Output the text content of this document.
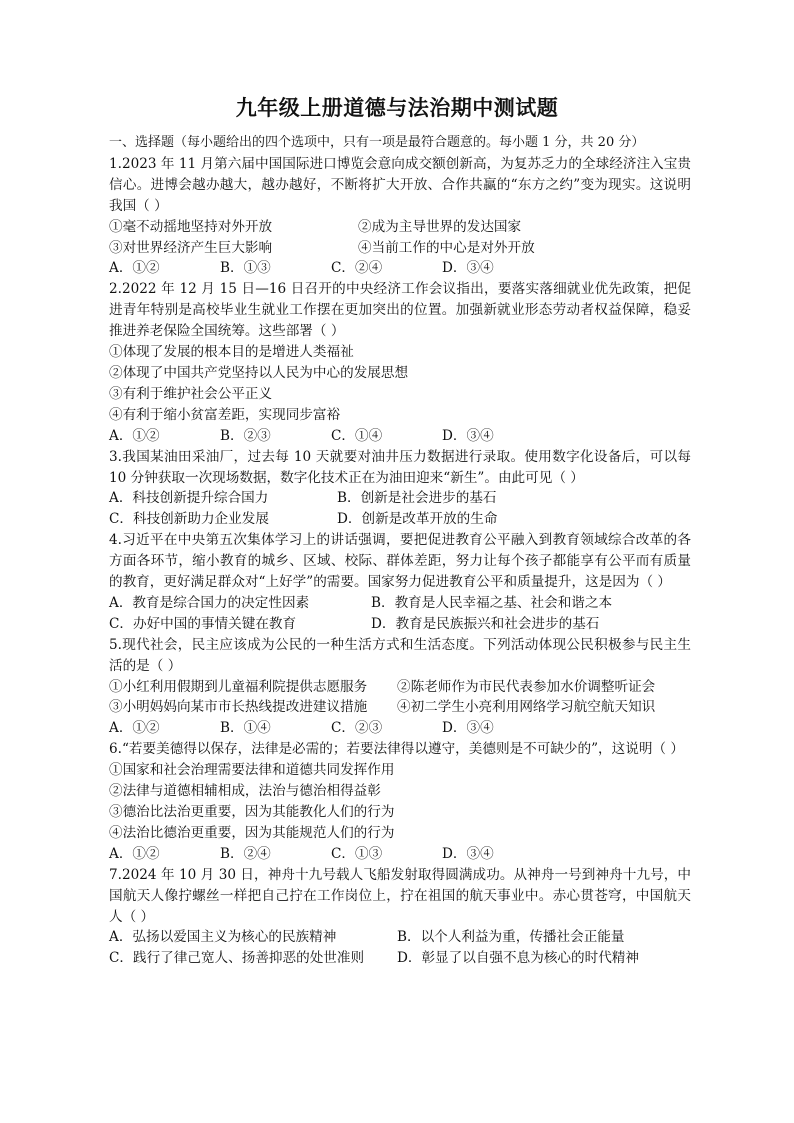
九年级上册道德与法治期中测试题

一、选择题（每小题给出的四个选项中，只有一项是最符合题意的。每小题 1 分，共 20 分）

1.2023 年 11 月第六届中国国际进口博览会意向成交额创新高，为复苏乏力的全球经济注入宝贵信心。进博会越办越大，越办越好，不断将扩大开放、合作共赢的“东方之约”变为现实。这说明我国（ ）

①毫不动摇地坚持对外开放	②成为主导世界的发达国家
③对世界经济产生巨大影响	④当前工作的中心是对外开放
A．①②	B．①③	C．②④	D．③④

2.2022 年 12 月 15 日—16 日召开的中央经济工作会议指出，要落实落细就业优先政策，把促进青年特别是高校毕业生就业工作摆在更加突出的位置。加强新就业形态劳动者权益保障，稳妥推进养老保险全国统筹。这些部署（ ）

①体现了发展的根本目的是增进人类福祉

②体现了中国共产党坚持以人民为中心的发展思想

③有利于维护社会公平正义

④有利于缩小贫富差距，实现同步富裕

A．①②	B．②③	C．①④	D．③④

3.我国某油田采油厂，过去每 10 天就要对油井压力数据进行录取。使用数字化设备后，可以每 10 分钟获取一次现场数据，数字化技术正在为油田迎来“新生”。由此可见（ ）

A．科技创新提升综合国力	B．创新是社会进步的基石
C．科技创新助力企业发展	D．创新是改革开放的生命

4.习近平在中央第五次集体学习上的讲话强调，要把促进教育公平融入到教育领域综合改革的各方面各环节，缩小教育的城乡、区域、校际、群体差距，努力让每个孩子都能享有公平而有质量的教育，更好满足群众对“上好学”的需要。国家努力促进教育公平和质量提升，这是因为（ ）

A．教育是综合国力的决定性因素	B．教育是人民幸福之基、社会和谐之本
C．办好中国的事情关键在教育	D．教育是民族振兴和社会进步的基石

5.现代社会，民主应该成为公民的一种生活方式和生活态度。下列活动体现公民积极参与民主生活的是（ ）

①小红利用假期到儿童福利院提供志愿服务	②陈老师作为市民代表参加水价调整听证会
③小明妈妈向某市市长热线提改进建议措施	④初二学生小亮利用网络学习航空航天知识
A．①②	B．①④	C．②③	D．③④

6.“若要美德得以保存，法律是必需的；若要法律得以遵守，美德则是不可缺少的”，这说明（ ）

①国家和社会治理需要法律和道德共同发挥作用

②法律与道德相辅相成，法治与德治相得益彰

③德治比法治更重要，因为其能教化人们的行为

④法治比德治更重要，因为其能规范人们的行为

A．①②	B．②④	C．①③	D．③④

7.2024 年 10 月 30 日，神舟十九号载人飞船发射取得圆满成功。从神舟一号到神舟十九号，中国航天人像拧螺丝一样把自己拧在工作岗位上，拧在祖国的航天事业中。赤心贯苍穹，中国航天人（ ）

A．弘扬以爱国主义为核心的民族精神	B．以个人利益为重，传播社会正能量
C．践行了律己宽人、扬善抑恶的处世准则	D．彰显了以自强不息为核心的时代精神
